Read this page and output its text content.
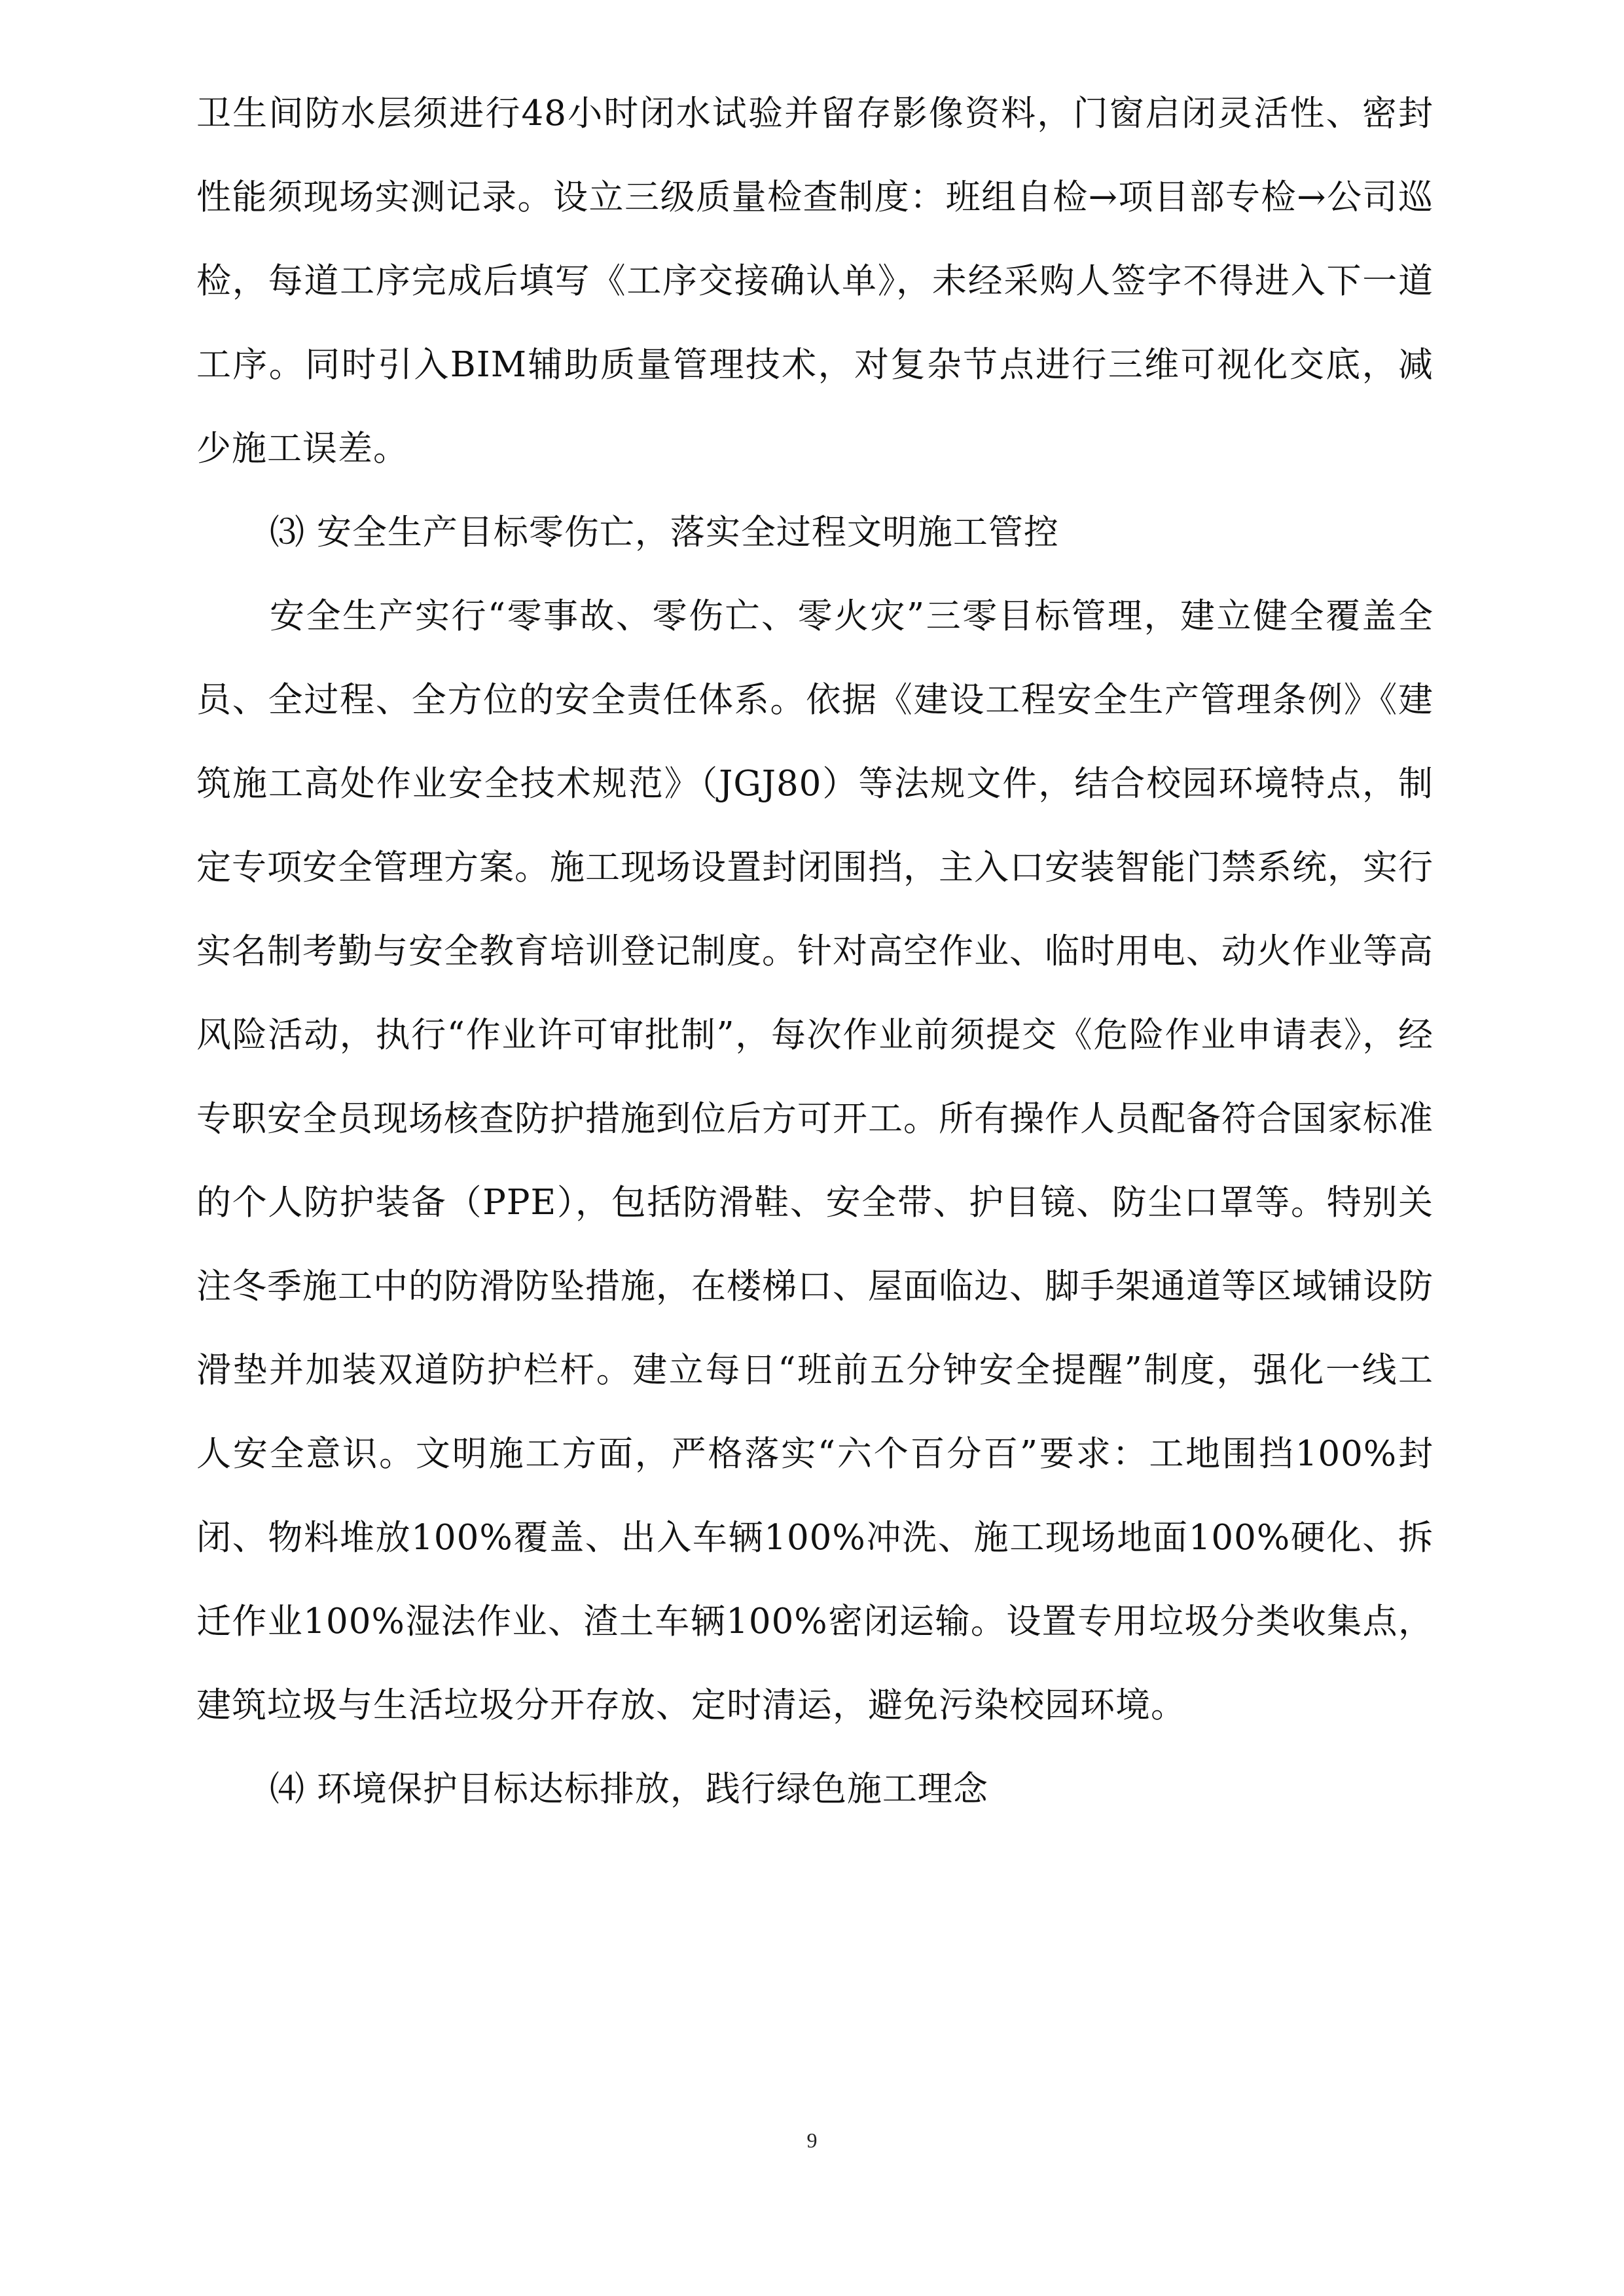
卫生间防水层须进行48小时闭水试验并留存影像资料，门窗启闭灵活性、密封性能须现场实测记录。设立三级质量检查制度：班组自检→项目部专检→公司巡检，每道工序完成后填写《工序交接确认单》，未经采购人签字不得进入下一道工序。同时引入BIM辅助质量管理技术，对复杂节点进行三维可视化交底，减少施工误差。

⑶ 安全生产目标零伤亡，落实全过程文明施工管控

安全生产实行“零事故、零伤亡、零火灾”三零目标管理，建立健全覆盖全员、全过程、全方位的安全责任体系。依据《建设工程安全生产管理条例》《建筑施工高处作业安全技术规范》（JGJ80）等法规文件，结合校园环境特点，制定专项安全管理方案。施工现场设置封闭围挡，主入口安装智能门禁系统，实行实名制考勤与安全教育培训登记制度。针对高空作业、临时用电、动火作业等高风险活动，执行“作业许可审批制”，每次作业前须提交《危险作业申请表》，经专职安全员现场核查防护措施到位后方可开工。所有操作人员配备符合国家标准的个人防护装备（PPE），包括防滑鞋、安全带、护目镜、防尘口罩等。特别关注冬季施工中的防滑防坠措施，在楼梯口、屋面临边、脚手架通道等区域铺设防滑垫并加装双道防护栏杆。建立每日“班前五分钟安全提醒”制度，强化一线工人安全意识。文明施工方面，严格落实“六个百分百”要求：工地围挡100%封闭、物料堆放100%覆盖、出入车辆100%冲洗、施工现场地面100%硬化、拆迁作业100%湿法作业、渣土车辆100%密闭运输。设置专用垃圾分类收集点，建筑垃圾与生活垃圾分开存放、定时清运，避免污染校园环境。

⑷ 环境保护目标达标排放，践行绿色施工理念

9
